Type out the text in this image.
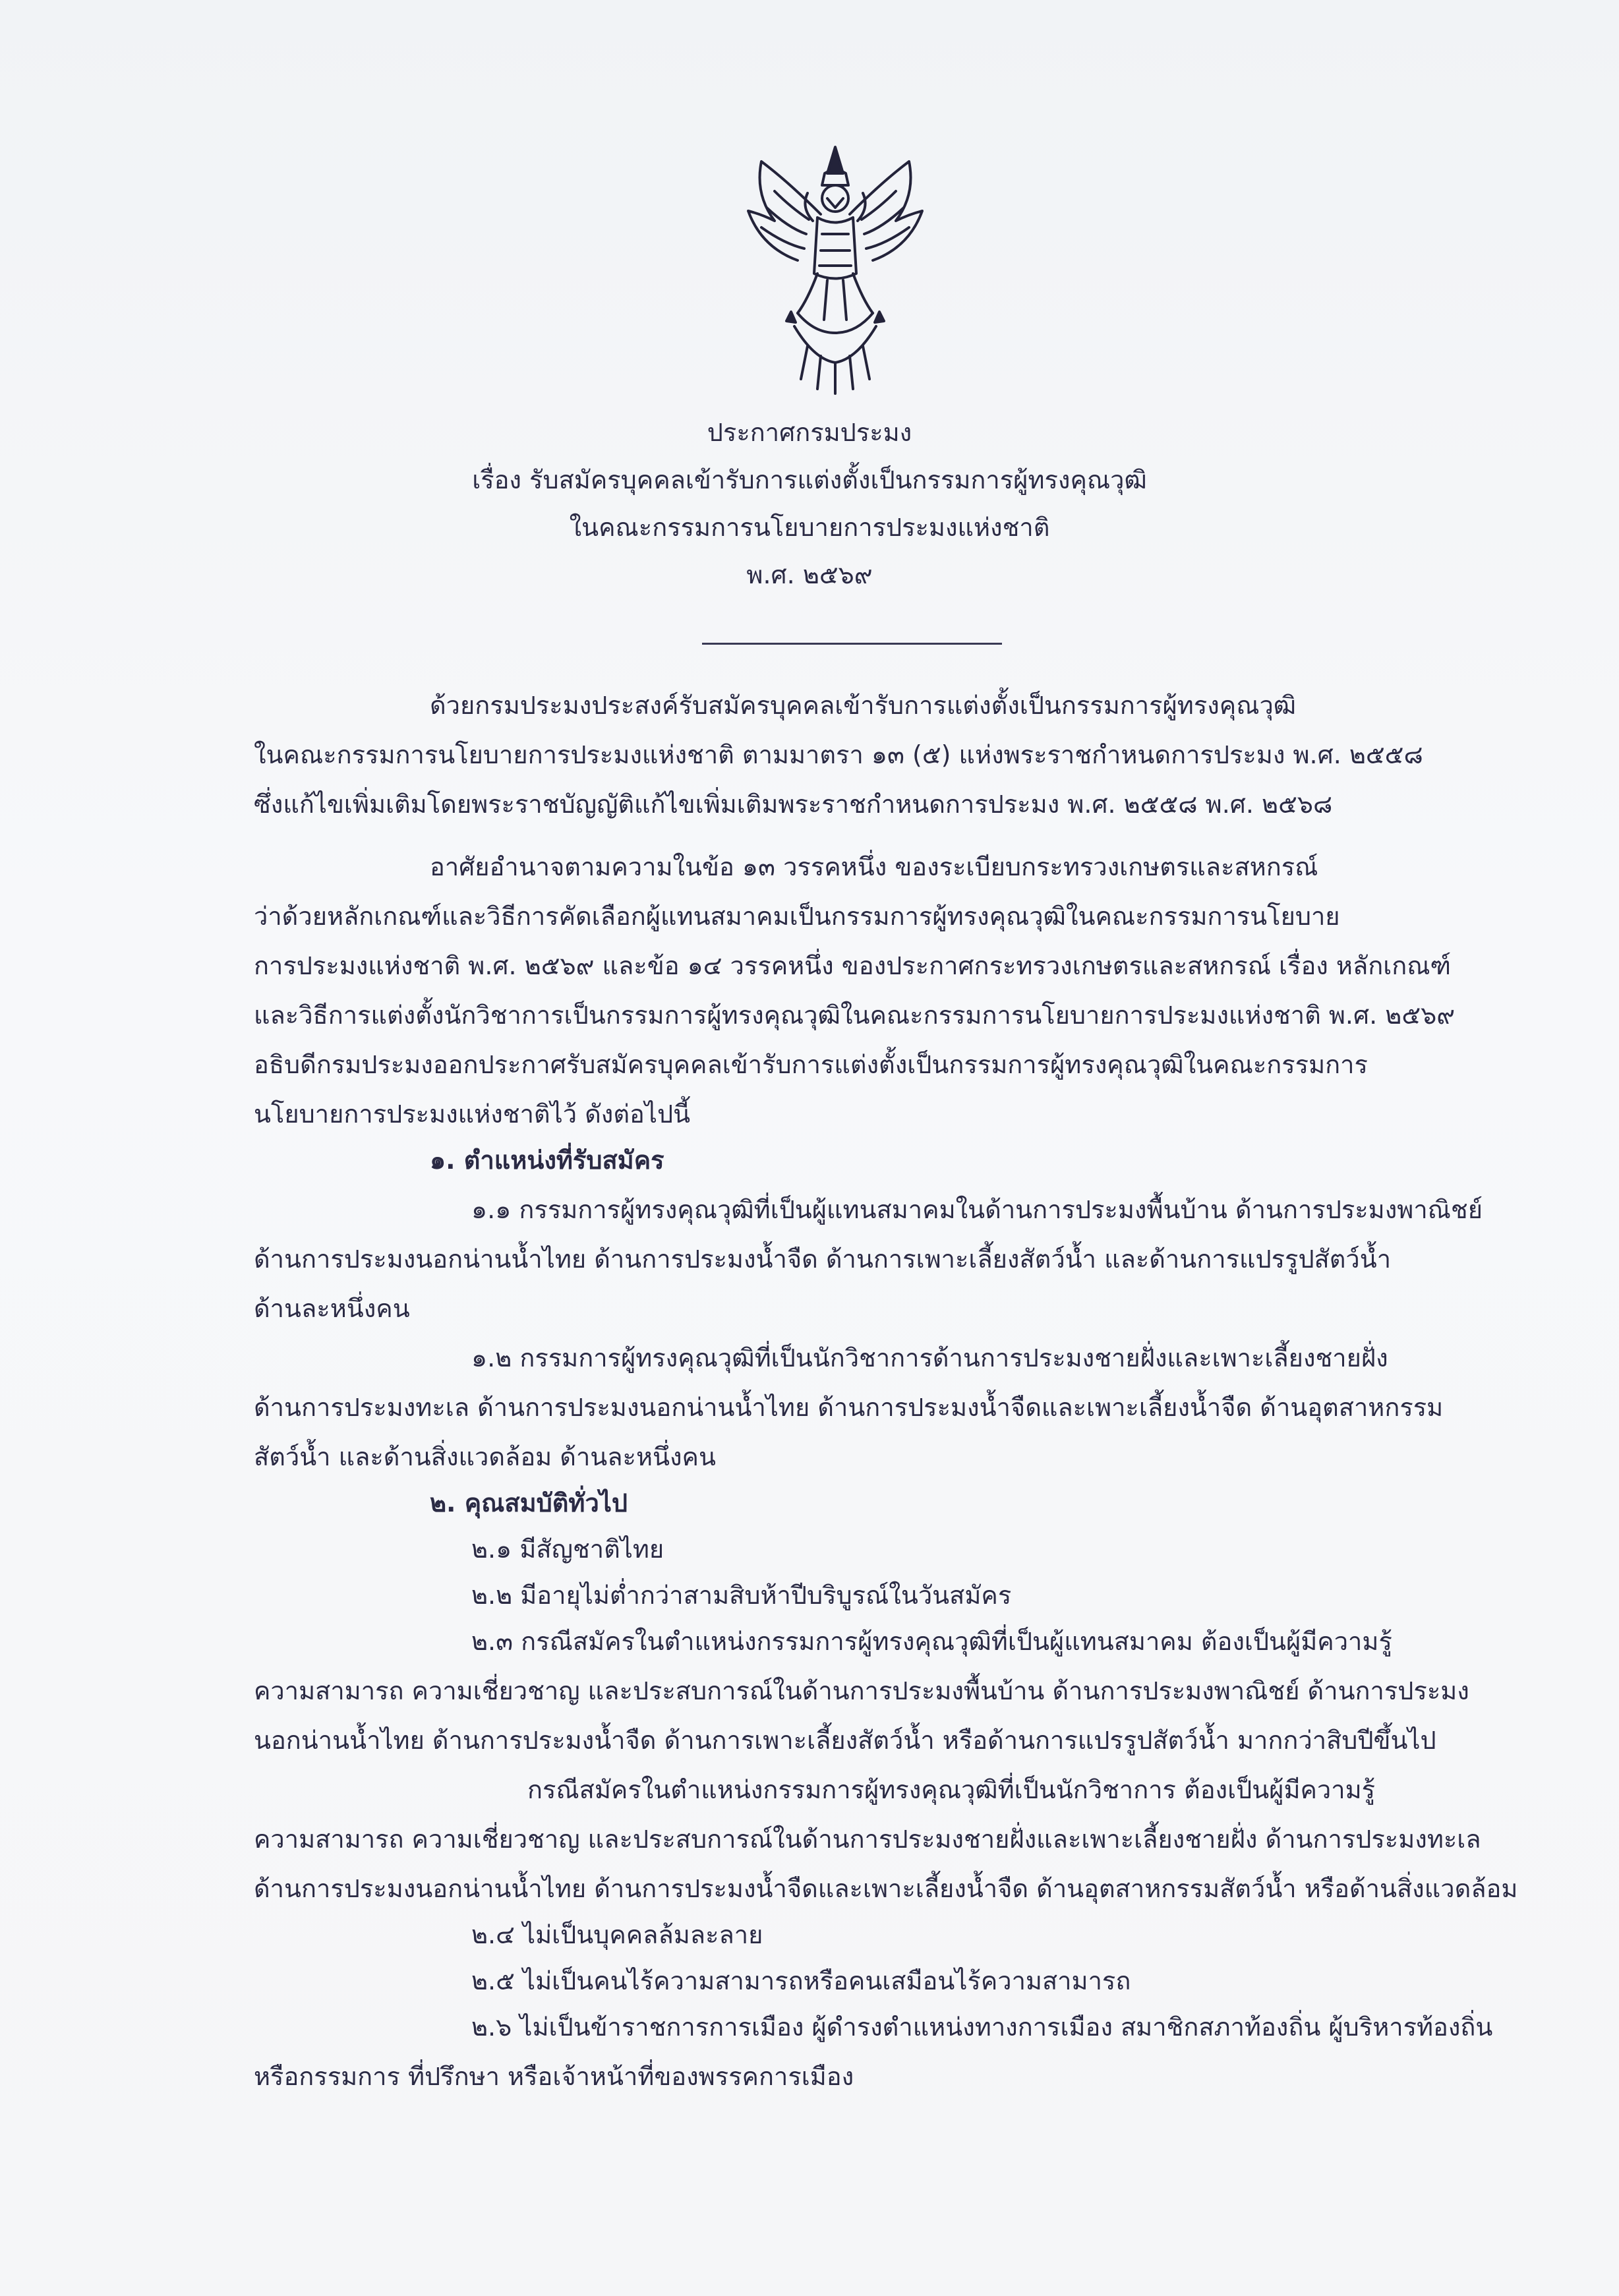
ประกาศกรมประมง
เรื่อง รับสมัครบุคคลเข้ารับการแต่งตั้งเป็นกรรมการผู้ทรงคุณวุฒิ
ในคณะกรรมการนโยบายการประมงแห่งชาติ
พ.ศ. ๒๕๖๙
ด้วยกรมประมงประสงค์รับสมัครบุคคลเข้ารับการแต่งตั้งเป็นกรรมการผู้ทรงคุณวุฒิ
ในคณะกรรมการนโยบายการประมงแห่งชาติ ตามมาตรา ๑๓ (๕) แห่งพระราชกำหนดการประมง พ.ศ. ๒๕๕๘
ซึ่งแก้ไขเพิ่มเติมโดยพระราชบัญญัติแก้ไขเพิ่มเติมพระราชกำหนดการประมง พ.ศ. ๒๕๕๘ พ.ศ. ๒๕๖๘
อาศัยอำนาจตามความในข้อ ๑๓ วรรคหนึ่ง ของระเบียบกระทรวงเกษตรและสหกรณ์
ว่าด้วยหลักเกณฑ์และวิธีการคัดเลือกผู้แทนสมาคมเป็นกรรมการผู้ทรงคุณวุฒิในคณะกรรมการนโยบาย
การประมงแห่งชาติ พ.ศ. ๒๕๖๙ และข้อ ๑๔ วรรคหนึ่ง ของประกาศกระทรวงเกษตรและสหกรณ์ เรื่อง หลักเกณฑ์
และวิธีการแต่งตั้งนักวิชาการเป็นกรรมการผู้ทรงคุณวุฒิในคณะกรรมการนโยบายการประมงแห่งชาติ พ.ศ. ๒๕๖๙
อธิบดีกรมประมงออกประกาศรับสมัครบุคคลเข้ารับการแต่งตั้งเป็นกรรมการผู้ทรงคุณวุฒิในคณะกรรมการ
นโยบายการประมงแห่งชาติไว้ ดังต่อไปนี้
๑. ตำแหน่งที่รับสมัคร
๑.๑ กรรมการผู้ทรงคุณวุฒิที่เป็นผู้แทนสมาคมในด้านการประมงพื้นบ้าน ด้านการประมงพาณิชย์
ด้านการประมงนอกน่านน้ำไทย ด้านการประมงน้ำจืด ด้านการเพาะเลี้ยงสัตว์น้ำ และด้านการแปรรูปสัตว์น้ำ
ด้านละหนึ่งคน
๑.๒ กรรมการผู้ทรงคุณวุฒิที่เป็นนักวิชาการด้านการประมงชายฝั่งและเพาะเลี้ยงชายฝั่ง
ด้านการประมงทะเล ด้านการประมงนอกน่านน้ำไทย ด้านการประมงน้ำจืดและเพาะเลี้ยงน้ำจืด ด้านอุตสาหกรรม
สัตว์น้ำ และด้านสิ่งแวดล้อม ด้านละหนึ่งคน
๒. คุณสมบัติทั่วไป
๒.๑ มีสัญชาติไทย
๒.๒ มีอายุไม่ต่ำกว่าสามสิบห้าปีบริบูรณ์ในวันสมัคร
๒.๓ กรณีสมัครในตำแหน่งกรรมการผู้ทรงคุณวุฒิที่เป็นผู้แทนสมาคม ต้องเป็นผู้มีความรู้
ความสามารถ ความเชี่ยวชาญ และประสบการณ์ในด้านการประมงพื้นบ้าน ด้านการประมงพาณิชย์ ด้านการประมง
นอกน่านน้ำไทย ด้านการประมงน้ำจืด ด้านการเพาะเลี้ยงสัตว์น้ำ หรือด้านการแปรรูปสัตว์น้ำ มากกว่าสิบปีขึ้นไป
กรณีสมัครในตำแหน่งกรรมการผู้ทรงคุณวุฒิที่เป็นนักวิชาการ ต้องเป็นผู้มีความรู้
ความสามารถ ความเชี่ยวชาญ และประสบการณ์ในด้านการประมงชายฝั่งและเพาะเลี้ยงชายฝั่ง ด้านการประมงทะเล
ด้านการประมงนอกน่านน้ำไทย ด้านการประมงน้ำจืดและเพาะเลี้ยงน้ำจืด ด้านอุตสาหกรรมสัตว์น้ำ หรือด้านสิ่งแวดล้อม
๒.๔ ไม่เป็นบุคคลล้มละลาย
๒.๕ ไม่เป็นคนไร้ความสามารถหรือคนเสมือนไร้ความสามารถ
๒.๖ ไม่เป็นข้าราชการการเมือง ผู้ดำรงตำแหน่งทางการเมือง สมาชิกสภาท้องถิ่น ผู้บริหารท้องถิ่น
หรือกรรมการ ที่ปรึกษา หรือเจ้าหน้าที่ของพรรคการเมือง
